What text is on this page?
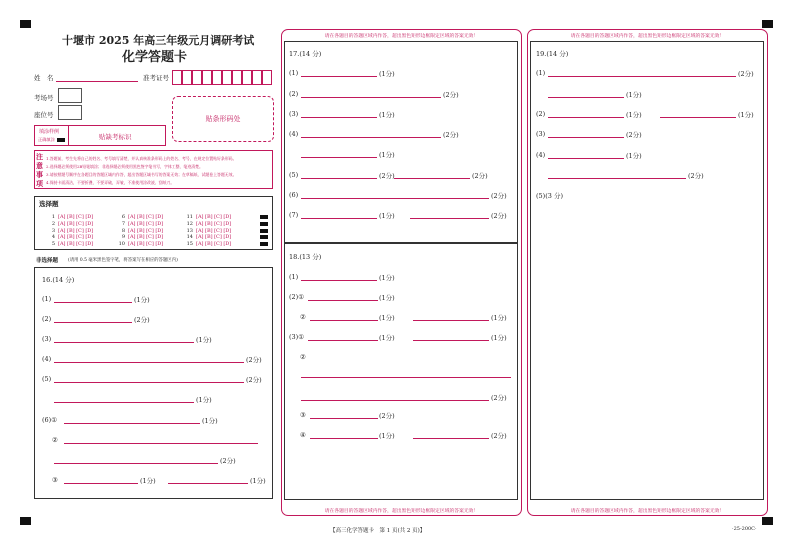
十堰市 2025 年高三年级元月调研考试
化学答题卡
姓　名	准考证号
考场号
座位号	贴条形码处
填涂样例
正确填涂	贴缺考标识
注
意
事
项
1.答题前，考生先将自己的姓名、考号填写清楚，并认真核准条形码上的姓名、考号，在规定位置贴好条形码。
2.选择题必须使用2B铅笔填涂；非选择题必须使用黑色签字笔书写，字体工整、笔迹清楚。
3.请按照题号顺序在各题目的答题区域内作答，超出答题区域书写的答案无效；在草稿纸、试题卷上答题无效。
4.保持卡面清洁，不要折叠，不要弄破，弄皱，不准使用涂改液、刮纸刀。
选择题
1 [A] [B] [C] [D]
2 [A] [B] [C] [D]
3 [A] [B] [C] [D]
4 [A] [B] [C] [D]
5 [A] [B] [C] [D]
6 [A] [B] [C] [D]
7 [A] [B] [C] [D]
8 [A] [B] [C] [D]
9 [A] [B] [C] [D]
10 [A] [B] [C] [D]
11 [A] [B] [C] [D]
12 [A] [B] [C] [D]
13 [A] [B] [C] [D]
14 [A] [B] [C] [D]
15 [A] [B] [C] [D]
非选择题 (请用 0.5 毫米黑色签字笔，将答案写在相应的答题区内)
16.(14 分)
(1)	(1分)
(2)	(2分)
(3)	(1分)
(4)	(2分)
(5)	(2分)
(1分)
(6)①	(1分)
②
(2分)
③	(1分)	(1分)
请在各题目的答题区域内作答，超出黑色矩形边框限定区域的答案无效！
请在各题目的答题区域内作答，超出黑色矩形边框限定区域的答案无效！
17.(14 分)
(1)	(1分)
(2)	(2分)
(3)	(1分)
(4)	(2分)
(1分)
(5)	(2分)	(2分)
(6)	(2分)
(7)	(1分)	(2分)
18.(13 分)
(1)	(1分)
(2)①	(1分)
②	(1分)	(1分)
(3)①	(1分)	(1分)
②
(2分)
③	(2分)
④	(1分)	(2分)
请在各题目的答题区域内作答，超出黑色矩形边框限定区域的答案无效！
请在各题目的答题区域内作答，超出黑色矩形边框限定区域的答案无效！
19.(14 分)
(1)	(2分)
(1分)
(2)	(1分)	(1分)
(3)	(2分)
(4)	(1分)
(2分)
(5)(3 分)
【高三化学答题卡　第 1 页(共 2 页)】	·25-200C·
